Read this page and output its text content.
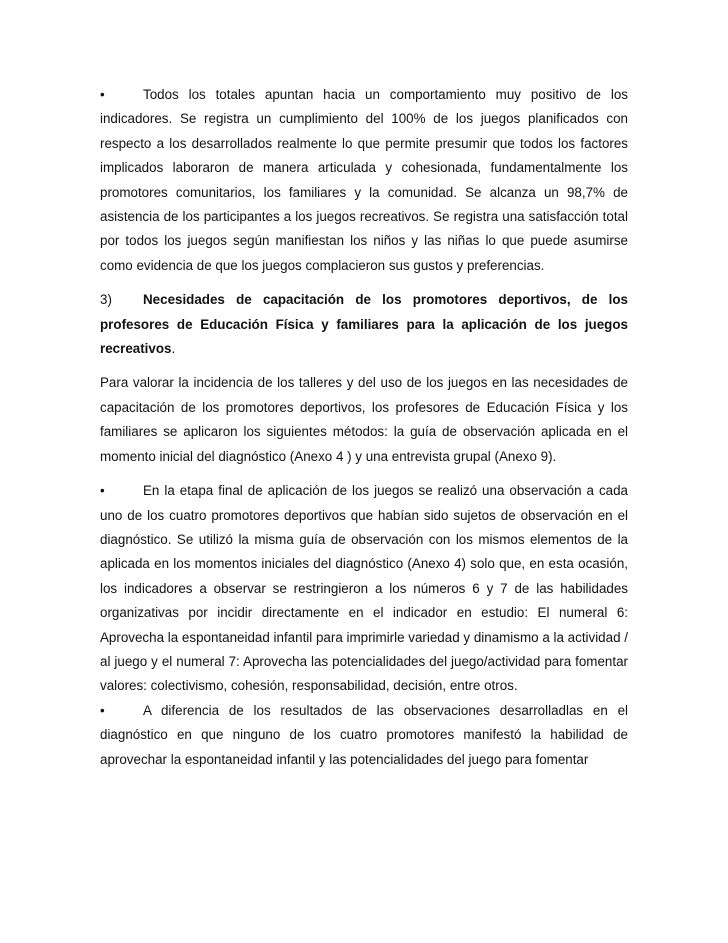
•	Todos los totales apuntan hacia un comportamiento muy positivo de los indicadores. Se registra un cumplimiento del 100% de los juegos planificados con respecto a los desarrollados realmente lo que permite presumir que todos los factores implicados laboraron de manera articulada y cohesionada, fundamentalmente los promotores comunitarios, los familiares y la comunidad. Se alcanza un 98,7% de asistencia de los participantes a los juegos recreativos. Se registra una satisfacción total por todos los juegos según manifiestan los niños y las niñas lo que puede asumirse como evidencia de que los juegos complacieron sus gustos y preferencias.

3) Necesidades de capacitación de los promotores deportivos, de los profesores de Educación Física y familiares para la aplicación de los juegos recreativos.

Para valorar la incidencia de los talleres y del uso de los juegos en las necesidades de capacitación de los promotores deportivos, los profesores de Educación Física y los familiares se aplicaron los siguientes métodos: la guía de observación aplicada en el momento inicial del diagnóstico (Anexo 4 ) y una entrevista grupal (Anexo 9).

•	En la etapa final de aplicación de los juegos se realizó una observación a cada uno de los cuatro promotores deportivos que habían sido sujetos de observación en el diagnóstico. Se utilizó la misma guía de observación con los mismos elementos de la aplicada en los momentos iniciales del diagnóstico (Anexo 4) solo que, en esta ocasión, los indicadores a observar se restringieron a los números 6 y 7 de las habilidades organizativas por incidir directamente en el indicador en estudio: El numeral 6: Aprovecha la espontaneidad infantil para imprimirle variedad y dinamismo a la actividad / al juego y el numeral 7: Aprovecha las potencialidades del juego/actividad para fomentar valores: colectivismo, cohesión, responsabilidad, decisión, entre otros.

•	A diferencia de los resultados de las observaciones desarrolladlas en el diagnóstico en que ninguno de los cuatro promotores manifestó la habilidad de aprovechar la espontaneidad infantil y las potencialidades del juego para fomentar
